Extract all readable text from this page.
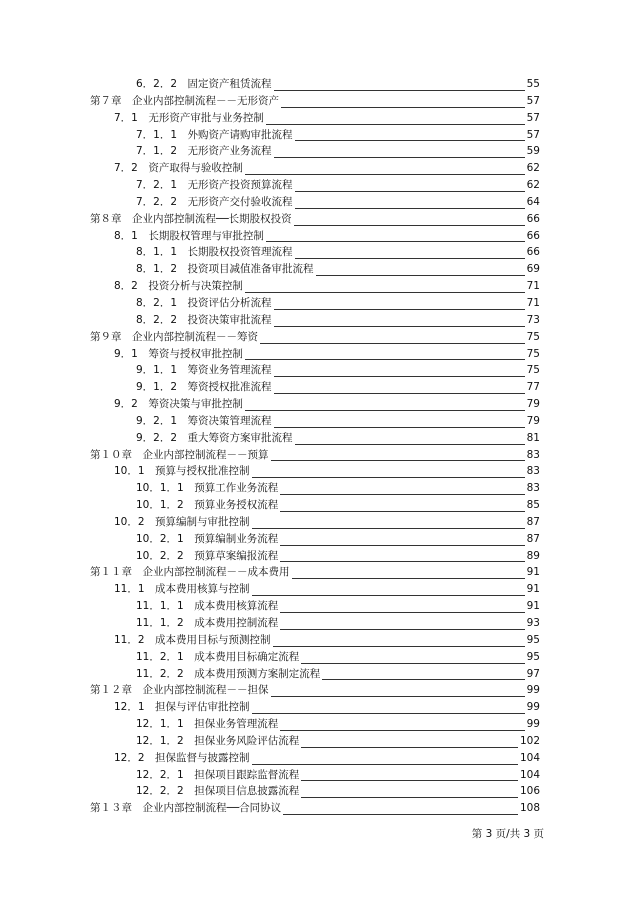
6．2．2　固定资产租赁流程	55
第７章　企业内部控制流程－－无形资产	57
7．1　无形资产审批与业务控制	57
7．1．1　外购资产请购审批流程	57
7．1．2　无形资产业务流程	59
7．2　资产取得与验收控制	62
7．2．1　无形资产投资预算流程	62
7．2．2　无形资产交付验收流程	64
第８章　企业内部控制流程──长期股权投资	66
8．1　长期股权管理与审批控制	66
8．1．1　长期股权投资管理流程	66
8．1．2　投资项目减值准备审批流程	69
8．2　投资分析与决策控制	71
8．2．1　投资评估分析流程	71
8．2．2　投资决策审批流程	73
第９章　企业内部控制流程－－筹资	75
9．1　筹资与授权审批控制	75
9．1．1　筹资业务管理流程	75
9．1．2　筹资授权批准流程	77
9．2　筹资决策与审批控制	79
9．2．1　筹资决策管理流程	79
9．2．2　重大筹资方案审批流程	81
第１０章　企业内部控制流程－－预算	83
10．1　预算与授权批准控制	83
10．1．1　预算工作业务流程	83
10．1．2　预算业务授权流程	85
10．2　预算编制与审批控制	87
10．2．1　预算编制业务流程	87
10．2．2　预算草案编报流程	89
第１１章　企业内部控制流程－－成本费用	91
11．1　成本费用核算与控制	91
11．1．1　成本费用核算流程	91
11．1．2　成本费用控制流程	93
11．2　成本费用目标与预测控制	95
11．2．1　成本费用目标确定流程	95
11．2．2　成本费用预测方案制定流程	97
第１２章　企业内部控制流程－－担保	99
12．1　担保与评估审批控制	99
12．1．1　担保业务管理流程	99
12．1．2　担保业务风险评估流程	102
12．2　担保监督与披露控制	104
12．2．1　担保项目跟踪监督流程	104
12．2．2　担保项目信息披露流程	106
第１３章　企业内部控制流程──合同协议	108
第 3 页/共 3 页
